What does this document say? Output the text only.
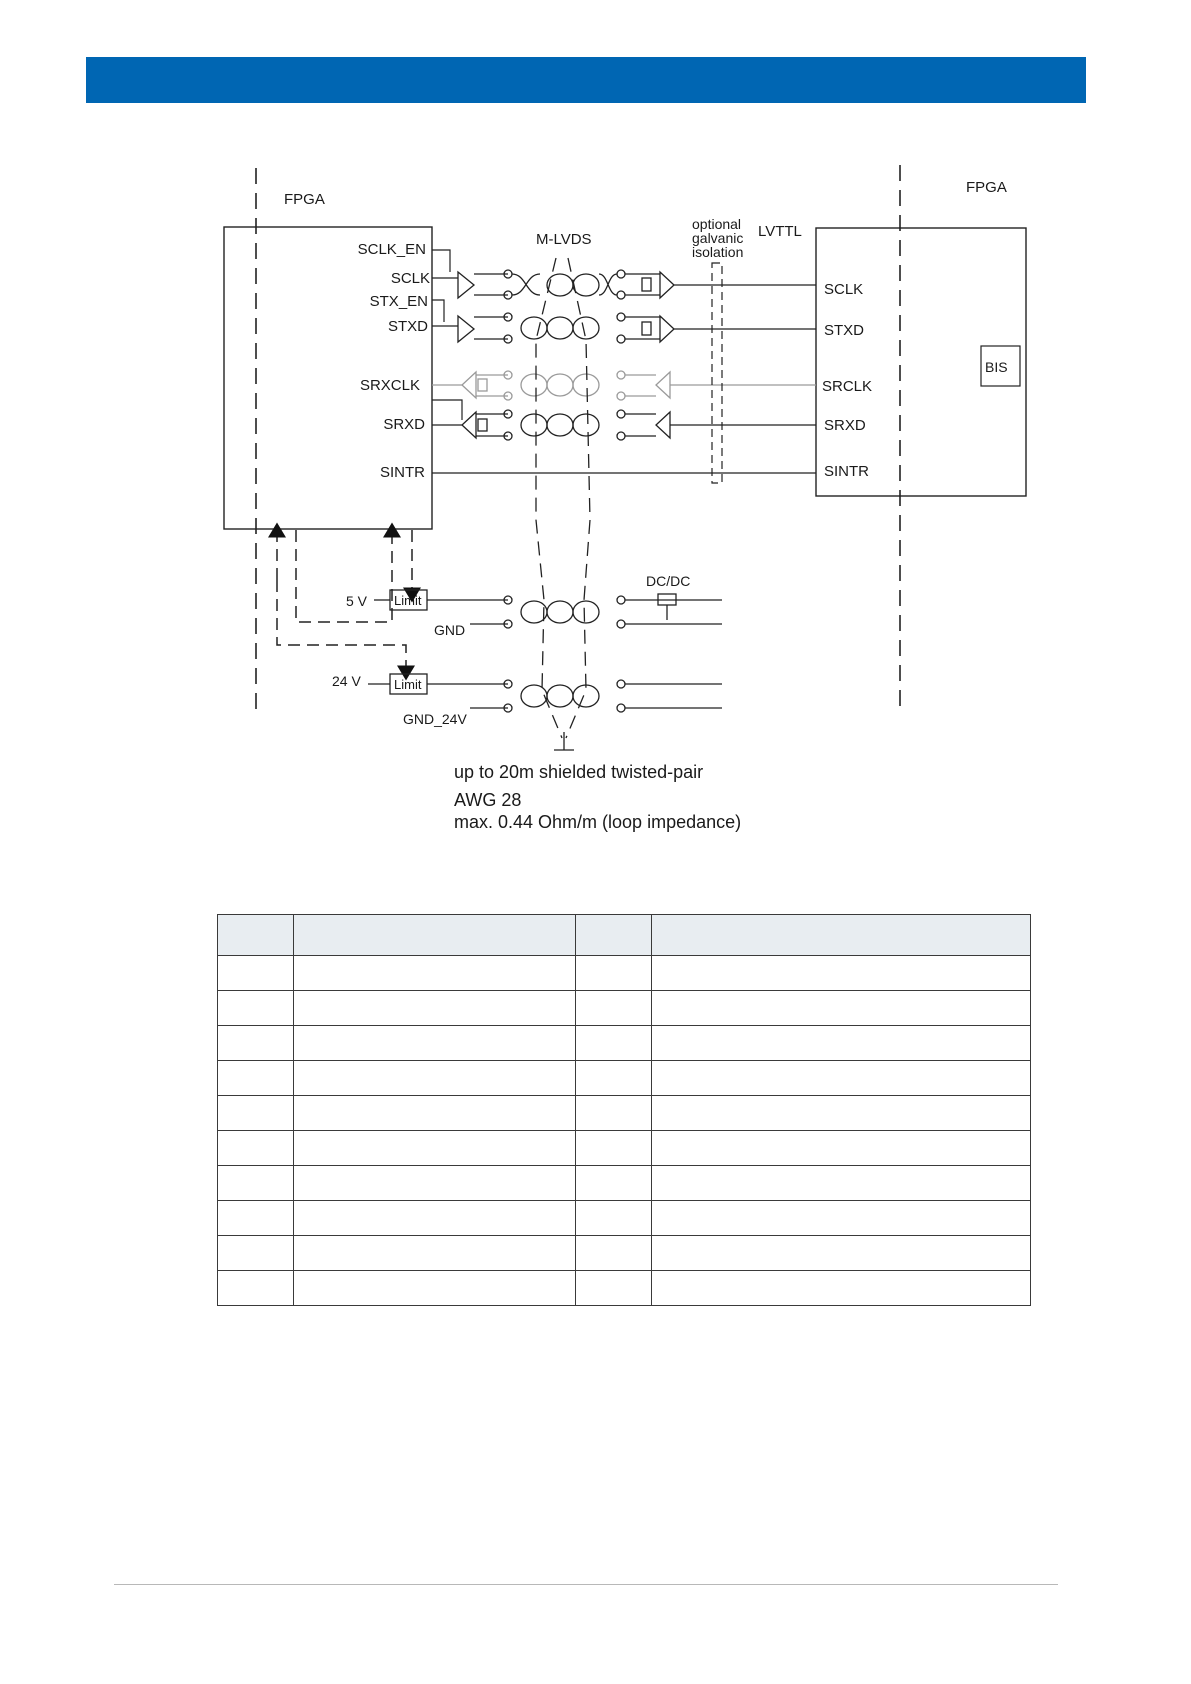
FPGA
FPGA
M-LVDS
optional
galvanic
isolation
LVTTL
BIS
SCLK_EN
SCLK
STX_EN
STXD
SRXCLK
SRXD
SINTR
SCLK
STXD
SRCLK
SRXD
SINTR
5 V Limit
GND
DC/DC
24 V	Limit
GND_24V
up to 20m shielded twisted-pair
AWG 28
max. 0.44 Ohm/m (loop impedance)
